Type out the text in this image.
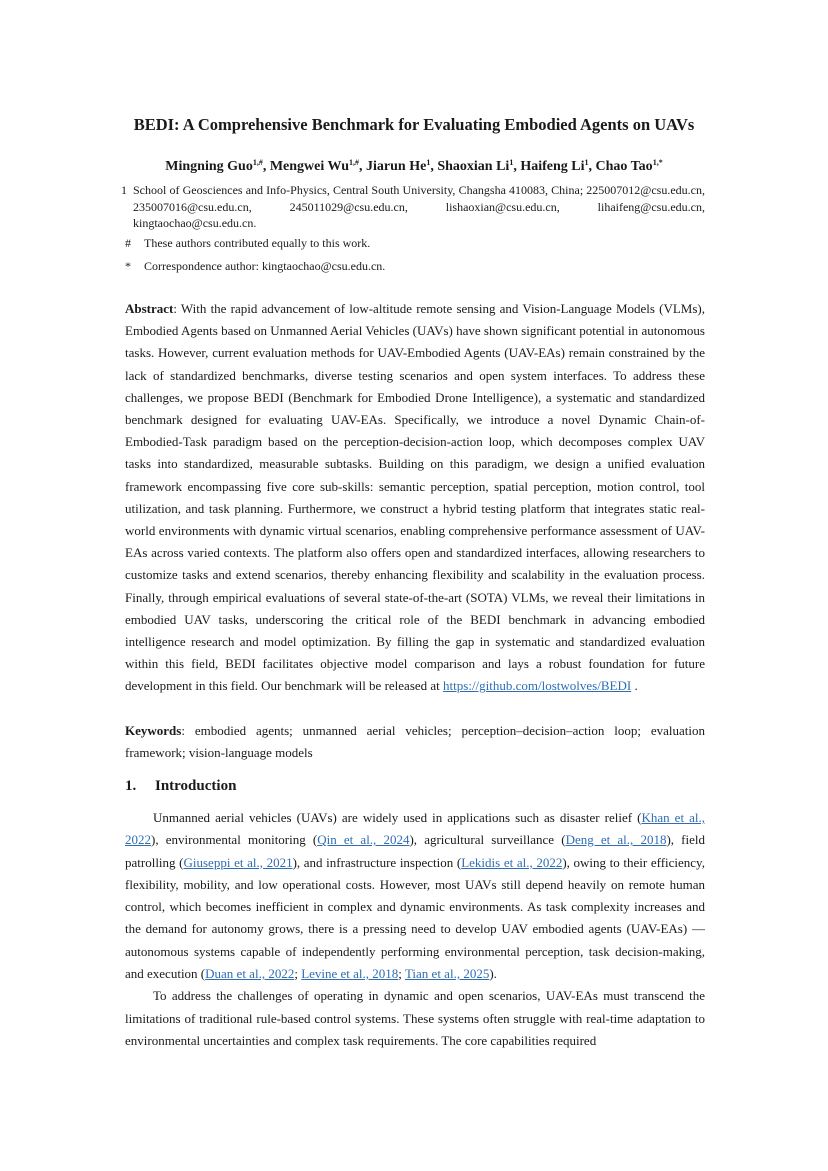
BEDI: A Comprehensive Benchmark for Evaluating Embodied Agents on UAVs
Mingning Guo$^{1,\#}$, Mengwei $Wu^{1,\#}$, Jiarun He$^1$, Shaoxian Li$^1$, Haifeng Li$^1$, Chao Tao$^{1,*}$
1 School of Geosciences and Info-Physics, Central South University, Changsha 410083, China; 225007012@csu.edu.cn, 235007016@csu.edu.cn, 245011029@csu.edu.cn, lishaoxian@csu.edu.cn, lihaifeng@csu.edu.cn, kingtaochao@csu.edu.cn.
# These authors contributed equally to this work.
* Correspondence author: kingtaochao@csu.edu.cn.
Abstract: With the rapid advancement of low-altitude remote sensing and Vision-Language Models (VLMs), Embodied Agents based on Unmanned Aerial Vehicles (UAVs) have shown significant potential in autonomous tasks. However, current evaluation methods for UAV-Embodied Agents (UAV-EAs) remain constrained by the lack of standardized benchmarks, diverse testing scenarios and open system interfaces. To address these challenges, we propose BEDI (Benchmark for Embodied Drone Intelligence), a systematic and standardized benchmark designed for evaluating UAV-EAs. Specifically, we introduce a novel Dynamic Chain-of-Embodied-Task paradigm based on the perception-decision-action loop, which decomposes complex UAV tasks into standardized, measurable subtasks. Building on this paradigm, we design a unified evaluation framework encompassing five core sub-skills: semantic perception, spatial perception, motion control, tool utilization, and task planning. Furthermore, we construct a hybrid testing platform that integrates static real-world environments with dynamic virtual scenarios, enabling comprehensive performance assessment of UAV-EAs across varied contexts. The platform also offers open and standardized interfaces, allowing researchers to customize tasks and extend scenarios, thereby enhancing flexibility and scalability in the evaluation process. Finally, through empirical evaluations of several state-of-the-art (SOTA) VLMs, we reveal their limitations in embodied UAV tasks, underscoring the critical role of the BEDI benchmark in advancing embodied intelligence research and model optimization. By filling the gap in systematic and standardized evaluation within this field, BEDI facilitates objective model comparison and lays a robust foundation for future development in this field. Our benchmark will be released at https://github.com/lostwolves/BEDI .
Keywords: embodied agents; unmanned aerial vehicles; perception–decision–action loop; evaluation framework; vision-language models
1. Introduction

Unmanned aerial vehicles (UAVs) are widely used in applications such as disaster relief (Khan et al., 2022), environmental monitoring (Qin et al., 2024), agricultural surveillance (Deng et al., 2018), field patrolling (Giuseppi et al., 2021), and infrastructure inspection (Lekidis et al., 2022), owing to their efficiency, flexibility, mobility, and low operational costs. However, most UAVs still depend heavily on remote human control, which becomes inefficient in complex and dynamic environments. As task complexity increases and the demand for autonomy grows, there is a pressing need to develop UAV embodied agents (UAV-EAs) — autonomous systems capable of independently performing environmental perception, task decision-making, and execution (Duan et al., 2022; Levine et al., 2018; Tian et al., 2025).

To address the challenges of operating in dynamic and open scenarios, UAV-EAs must transcend the limitations of traditional rule-based control systems. These systems often struggle with real-time adaptation to environmental uncertainties and complex task requirements. The core capabilities required
